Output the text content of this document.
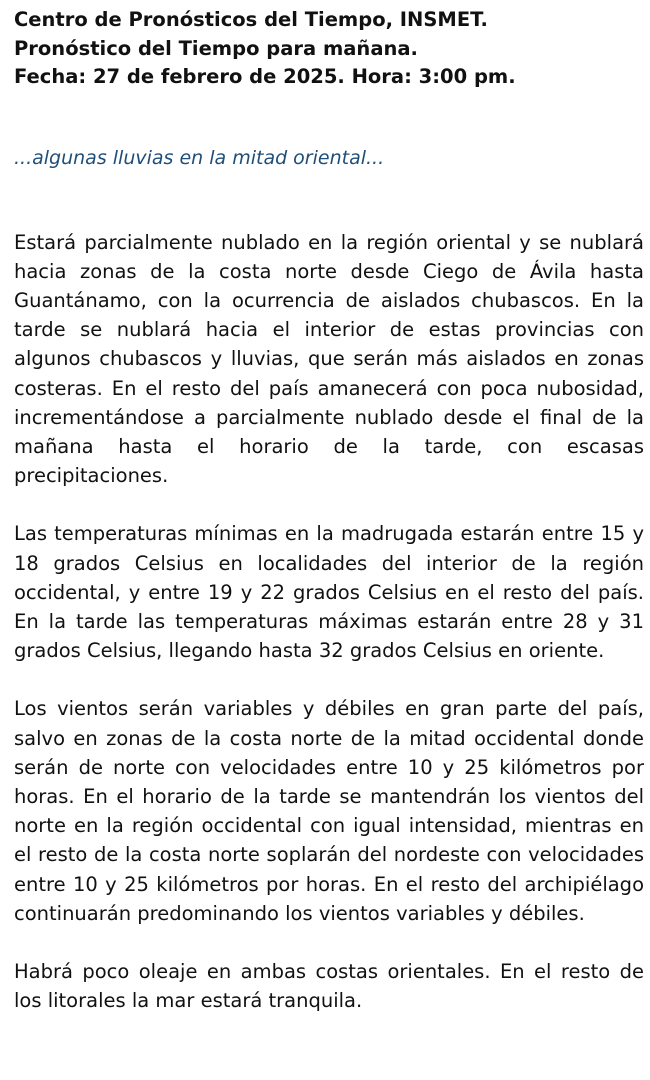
Centro de Pronósticos del Tiempo, INSMET.
Pronóstico del Tiempo para mañana.
Fecha: 27 de febrero de 2025. Hora: 3:00 pm.
...algunas lluvias en la mitad oriental...

Estará parcialmente nublado en la región oriental y se nublará hacia zonas de la costa norte desde Ciego de Ávila hasta Guantánamo, con la ocurrencia de aislados chubascos. En la tarde se nublará hacia el interior de estas provincias con algunos chubascos y lluvias, que serán más aislados en zonas costeras. En el resto del país amanecerá con poca nubosidad, incrementándose a parcialmente nublado desde el final de la mañana hasta el horario de la tarde, con escasas precipitaciones.

Las temperaturas mínimas en la madrugada estarán entre 15 y 18 grados Celsius en localidades del interior de la región occidental, y entre 19 y 22 grados Celsius en el resto del país. En la tarde las temperaturas máximas estarán entre 28 y 31 grados Celsius, llegando hasta 32 grados Celsius en oriente.

Los vientos serán variables y débiles en gran parte del país, salvo en zonas de la costa norte de la mitad occidental donde serán de norte con velocidades entre 10 y 25 kilómetros por horas. En el horario de la tarde se mantendrán los vientos del norte en la región occidental con igual intensidad, mientras en el resto de la costa norte soplarán del nordeste con velocidades entre 10 y 25 kilómetros por horas. En el resto del archipiélago continuarán predominando los vientos variables y débiles.

Habrá poco oleaje en ambas costas orientales. En el resto de los litorales la mar estará tranquila.
